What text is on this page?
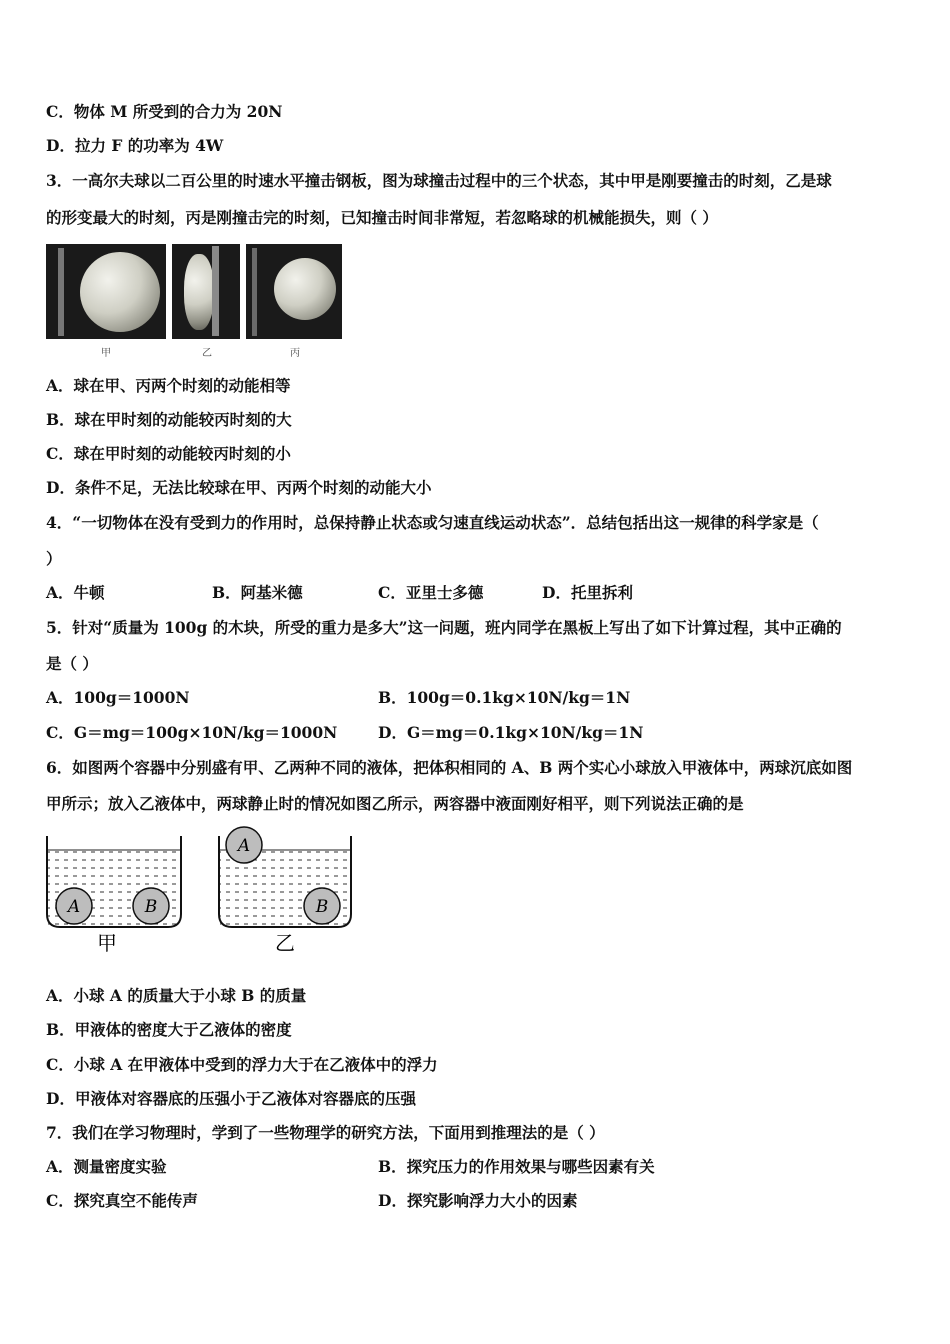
C．物体 M 所受到的合力为 20N
D．拉力 F 的功率为 4W
3．一高尔夫球以二百公里的时速水平撞击钢板，图为球撞击过程中的三个状态，其中甲是刚要撞击的时刻，乙是球
的形变最大的时刻，丙是刚撞击完的时刻，已知撞击时间非常短，若忽略球的机械能损失，则（ ）
甲	乙	丙
A．球在甲、丙两个时刻的动能相等
B．球在甲时刻的动能较丙时刻的大
C．球在甲时刻的动能较丙时刻的小
D．条件不足，无法比较球在甲、丙两个时刻的动能大小
4．“一切物体在没有受到力的作用时，总保持静止状态或匀速直线运动状态”．总结包括出这一规律的科学家是（
）
A．牛顿	B．阿基米德	C．亚里士多德	D．托里拆利
5．针对“质量为 100g 的木块，所受的重力是多大”这一问题，班内同学在黑板上写出了如下计算过程，其中正确的
是（ ）
A．100g＝1000N	B．100g＝0.1kg×10N/kg＝1N
C．G＝mg＝100g×10N/kg＝1000N	D．G＝mg＝0.1kg×10N/kg＝1N
6．如图两个容器中分别盛有甲、乙两种不同的液体，把体积相同的 A、B 两个实心小球放入甲液体中，两球沉底如图
甲所示；放入乙液体中，两球静止时的情况如图乙所示，两容器中液面刚好相平，则下列说法正确的是
A	B
甲
A
B
乙
A．小球 A 的质量大于小球 B 的质量
B．甲液体的密度大于乙液体的密度
C．小球 A 在甲液体中受到的浮力大于在乙液体中的浮力
D．甲液体对容器底的压强小于乙液体对容器底的压强
7．我们在学习物理时，学到了一些物理学的研究方法，下面用到推理法的是（ ）
A．测量密度实验	B．探究压力的作用效果与哪些因素有关
C．探究真空不能传声	D．探究影响浮力大小的因素
